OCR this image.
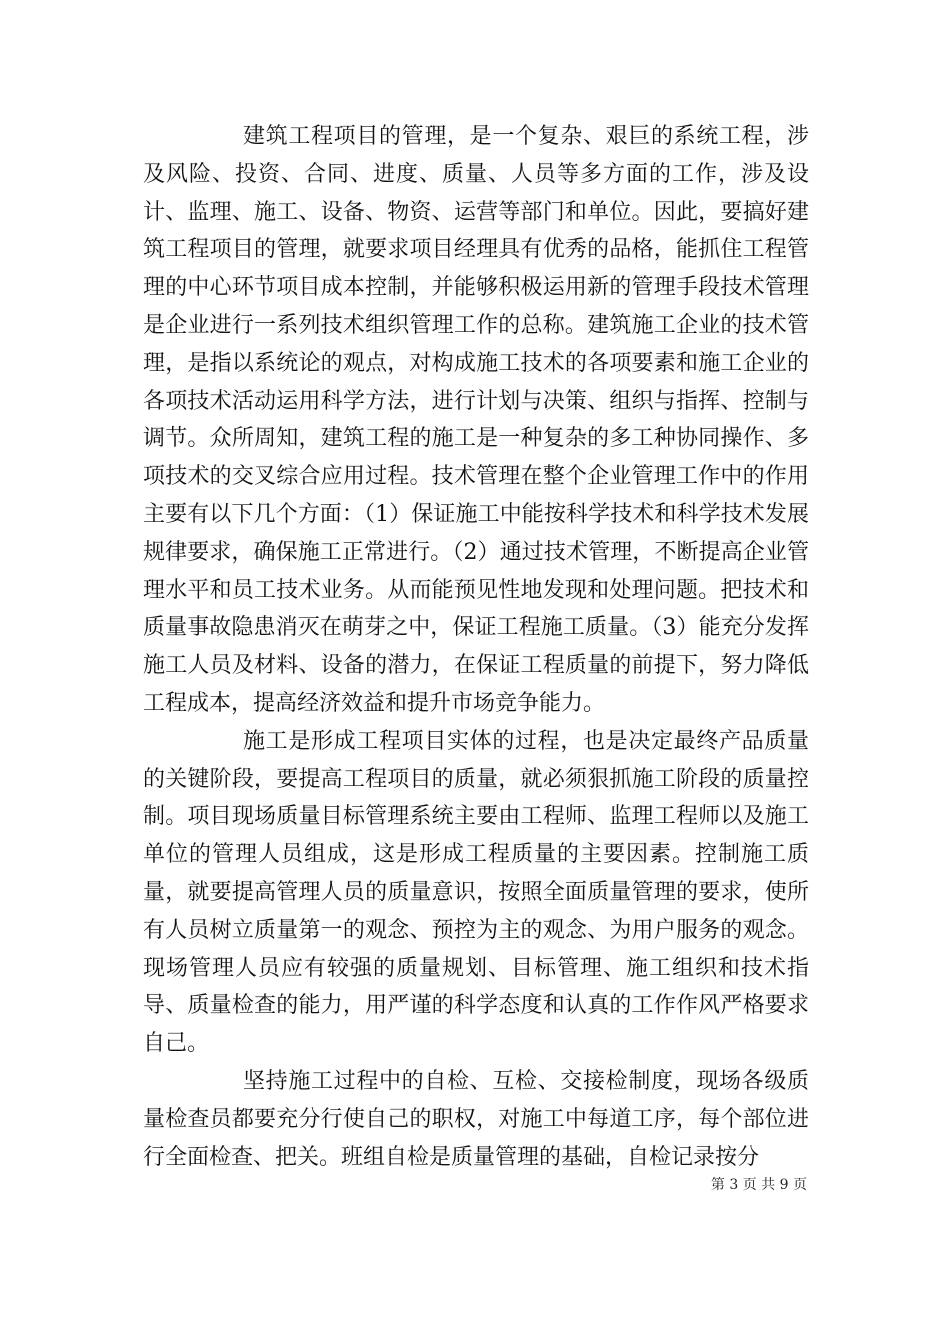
建筑工程项目的管理，是一个复杂、艰巨的系统工程，涉及风险、投资、合同、进度、质量、人员等多方面的工作，涉及设计、监理、施工、设备、物资、运营等部门和单位。因此，要搞好建筑工程项目的管理，就要求项目经理具有优秀的品格，能抓住工程管理的中心环节项目成本控制，并能够积极运用新的管理手段技术管理是企业进行一系列技术组织管理工作的总称。建筑施工企业的技术管理，是指以系统论的观点，对构成施工技术的各项要素和施工企业的各项技术活动运用科学方法，进行计划与决策、组织与指挥、控制与调节。众所周知，建筑工程的施工是一种复杂的多工种协同操作、多项技术的交叉综合应用过程。技术管理在整个企业管理工作中的作用主要有以下几个方面：（1）保证施工中能按科学技术和科学技术发展规律要求，确保施工正常进行。（2）通过技术管理，不断提高企业管理水平和员工技术业务。从而能预见性地发现和处理问题。把技术和质量事故隐患消灭在萌芽之中，保证工程施工质量。（3）能充分发挥施工人员及材料、设备的潜力，在保证工程质量的前提下，努力降低工程成本，提高经济效益和提升市场竞争能力。

施工是形成工程项目实体的过程，也是决定最终产品质量的关键阶段，要提高工程项目的质量，就必须狠抓施工阶段的质量控制。项目现场质量目标管理系统主要由工程师、监理工程师以及施工单位的管理人员组成，这是形成工程质量的主要因素。控制施工质量，就要提高管理人员的质量意识，按照全面质量管理的要求，使所有人员树立质量第一的观念、预控为主的观念、为用户服务的观念。现场管理人员应有较强的质量规划、目标管理、施工组织和技术指导、质量检查的能力，用严谨的科学态度和认真的工作作风严格要求自己。

坚持施工过程中的自检、互检、交接检制度，现场各级质量检查员都要充分行使自己的职权，对施工中每道工序，每个部位进行全面检查、把关。班组自检是质量管理的基础，自检记录按分

第 3 页 共 9 页
